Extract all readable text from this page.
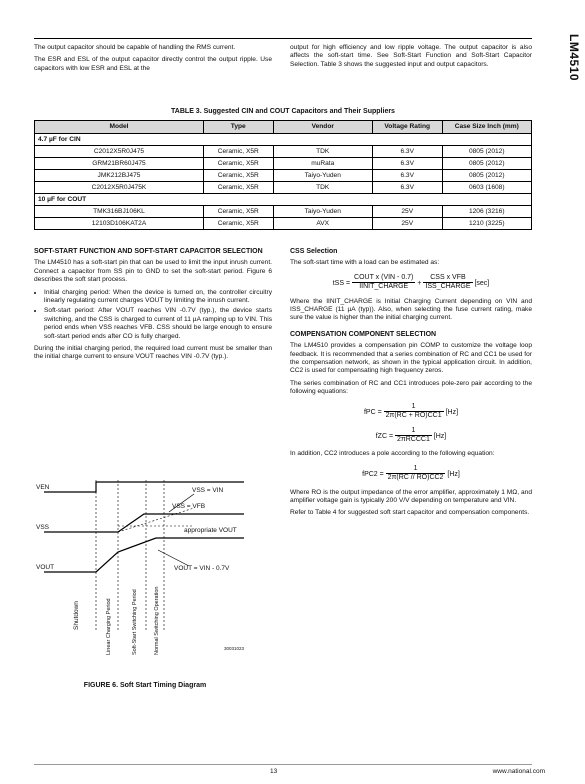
LM4510

The output capacitor should be capable of handling the RMS current.

The ESR and ESL of the output capacitor directly control the output ripple. Use capacitors with low ESR and ESL at the

output for high efficiency and low ripple voltage. The output capacitor is also affects the soft-start time. See Soft-Start Function and Soft-Start Capacitor Selection. Table 3 shows the suggested input and output capacitors.

TABLE 3. Suggested CIN and COUT Capacitors and Their Suppliers
Model	Type	Vendor	Voltage Rating	Case Size Inch (mm)
4.7 µF for CIN				
C2012X5R0J475	Ceramic, X5R	TDK	6.3V	0805 (2012)
GRM21BR60J475	Ceramic, X5R	muRata	6.3V	0805 (2012)
JMK212BJ475	Ceramic, X5R	Taiyo-Yuden	6.3V	0805 (2012)
C2012X5R0J475K	Ceramic, X5R	TDK	6.3V	0603 (1608)
10 µF for COUT				
TMK316BJ106KL	Ceramic, X5R	Taiyo-Yuden	25V	1206 (3216)
12103D106KAT2A	Ceramic, X5R	AVX	25V	1210 (3225)
SOFT-START FUNCTION AND SOFT-START CAPACITOR SELECTION

The LM4510 has a soft-start pin that can be used to limit the input inrush current. Connect a capacitor from SS pin to GND to set the soft-start period. Figure 6 describes the soft start process.

• Initial charging period: When the device is turned on, the controller circuitry linearly regulating current charges VOUT by limiting the inrush current.
• Soft-start period: After VOUT reaches VIN -0.7V (typ.), the device starts switching, and the CSS is charged to current of 11 µA ramping up to VIN. This period ends when VSS reaches VFB. CSS should be large enough to ensure soft-start period ends after CO is fully charged.

During the initial charging period, the required load current must be smaller than the initial charge current to ensure VOUT reaches VIN -0.7V (typ.).

VEN
VSS
VOUT
VSS = VIN
VSS = VFB
appropriate VOUT
VOUT = VIN - 0.7V
Shutdown	Linear Charging Period	Soft-Start Switching Period	Normal Switching Operation	30031023
FIGURE 6. Soft Start Timing Diagram
CSS Selection

The soft-start time with a load can be estimated as:

tSS = $\frac{\text{COUT x (VIN - 0.7)}}{\text{IINIT\_CHARGE}} + \frac{\text{CSS x VFB}}{\text{ISS\_CHARGE}} [\sec]$

Where the IINIT_CHARGE is Initial Charging Current depending on VIN and ISS_CHARGE (11 µA (typ)). Also, when selecting the fuse current rating, make sure the value is higher than the initial charging current.

COMPENSATION COMPONENT SELECTION

The LM4510 provides a compensation pin COMP to customize the voltage loop feedback. It is recommended that a series combination of RC and CC1 be used for the compensation network, as shown in the typical application circuit. In addition, CC2 is used for compensating high frequency zeros.

The series combination of RC and CC1 introduces pole-zero pair according to the following equations:

fPC = $\frac{1}{2\pi(RC + RO)CC1} [Hz]$
fZC = $\frac{1}{\text{2πRCCC1}} [Hz]$

In addition, CC2 introduces a pole according to the following equation:

$fPC2 = \frac{1}{2\pi(RC // RO)CC2} [Hz]$

Where RO is the output impedance of the error amplifier, approximately 1 MΩ, and amplifier voltage gain is typically 200 V/V depending on temperature and VIN.

Refer to Table 4 for suggested soft start capacitor and compensation components.

13	www.national.com
